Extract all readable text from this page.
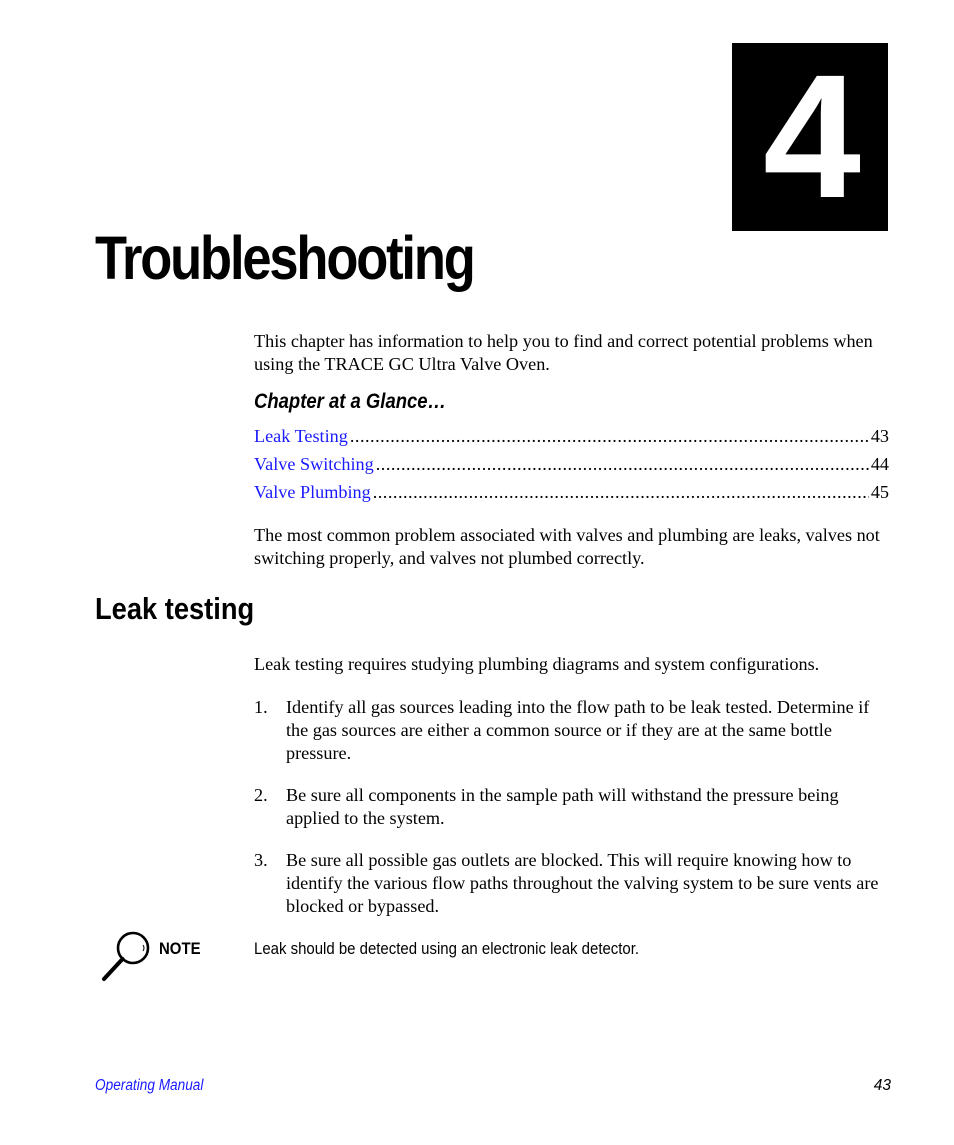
4
Troubleshooting

This chapter has information to help you to find and correct potential problems when using the TRACE GC Ultra Valve Oven.

Chapter at a Glance…
Leak Testing .....	43
Valve Switching .....	44
Valve Plumbing .....	45

The most common problem associated with valves and plumbing are leaks, valves not switching properly, and valves not plumbed correctly.

Leak testing

Leak testing requires studying plumbing diagrams and system configurations.

1. Identify all gas sources leading into the flow path to be leak tested. Determine if the gas sources are either a common source or if they are at the same bottle pressure.

2. Be sure all components in the sample path will withstand the pressure being applied to the system.

3. Be sure all possible gas outlets are blocked. This will require knowing how to identify the various flow paths throughout the valving system to be sure vents are blocked or bypassed.

NOTE	Leak should be detected using an electronic leak detector.
Operating Manual	43
